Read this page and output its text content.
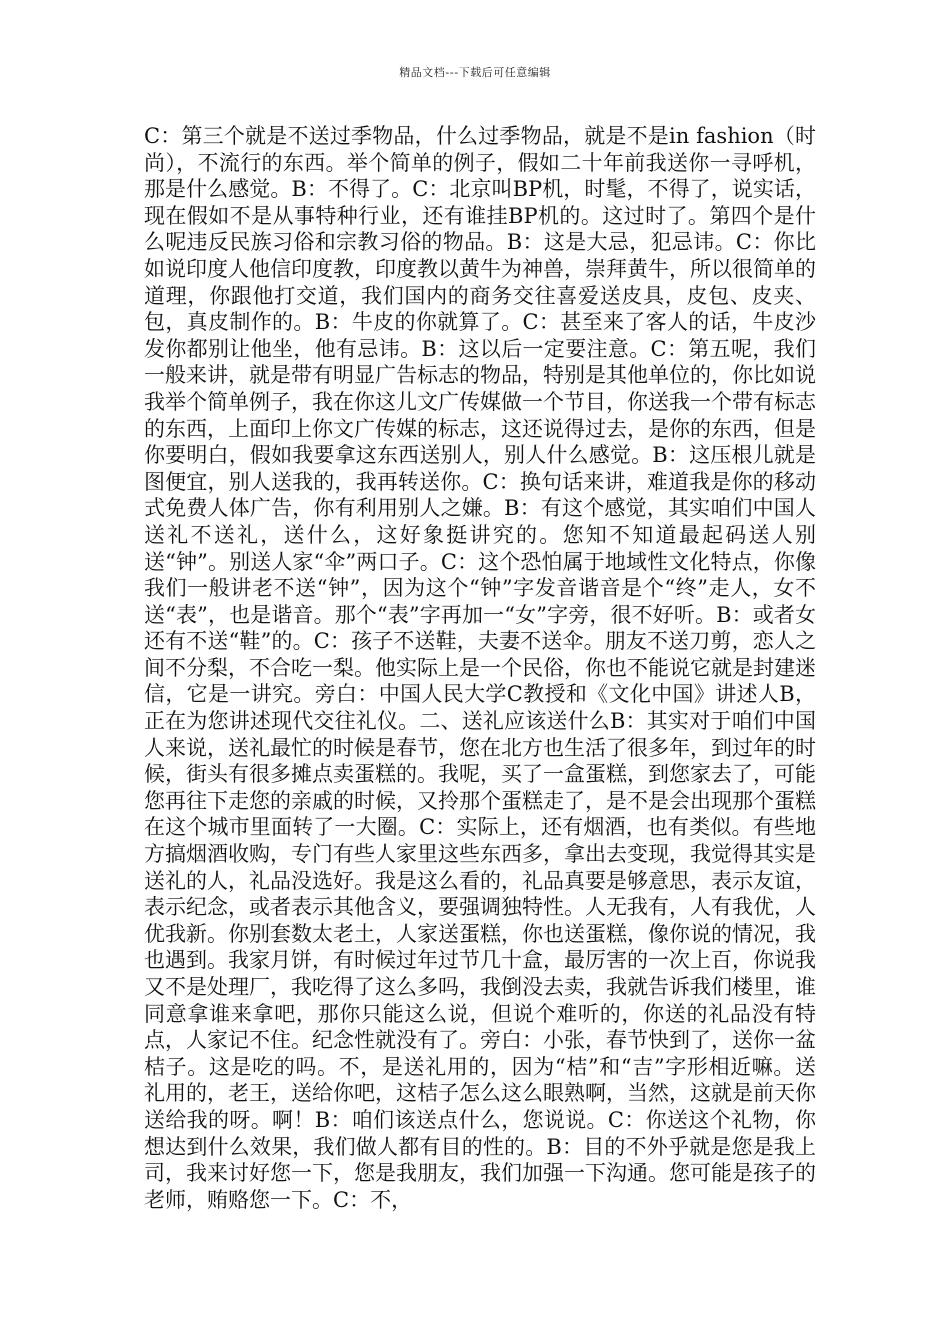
精品文档---下载后可任意编辑

C：第三个就是不送过季物品，什么过季物品，就是不是in fashion（时尚），不流行的东西。举个简单的例子，假如二十年前我送你一寻呼机，那是什么感觉。B：不得了。C：北京叫BP机，时髦，不得了，说实话，现在假如不是从事特种行业，还有谁挂BP机的。这过时了。第四个是什么呢违反民族习俗和宗教习俗的物品。B：这是大忌，犯忌讳。C：你比如说印度人他信印度教，印度教以黄牛为神兽，崇拜黄牛，所以很简单的道理，你跟他打交道，我们国内的商务交往喜爱送皮具，皮包、皮夹、包，真皮制作的。B：牛皮的你就算了。C：甚至来了客人的话，牛皮沙发你都别让他坐，他有忌讳。B：这以后一定要注意。C：第五呢，我们一般来讲，就是带有明显广告标志的物品，特别是其他单位的，你比如说我举个简单例子，我在你这儿文广传媒做一个节目，你送我一个带有标志的东西，上面印上你文广传媒的标志，这还说得过去，是你的东西，但是你要明白，假如我要拿这东西送别人，别人什么感觉。B：这压根儿就是图便宜，别人送我的，我再转送你。C：换句话来讲，难道我是你的移动式免费人体广告，你有利用别人之嫌。B：有这个感觉，其实咱们中国人送礼不送礼，送什么，这好象挺讲究的。您知不知道最起码送人别送“钟”。别送人家“伞”两口子。C：这个恐怕属于地域性文化特点，你像我们一般讲老不送“钟”，因为这个“钟”字发音谐音是个“终”走人，女不送“表”，也是谐音。那个“表”字再加一“女”字旁，很不好听。B：或者女还有不送“鞋”的。C：孩子不送鞋，夫妻不送伞。朋友不送刀剪，恋人之间不分梨，不合吃一梨。他实际上是一个民俗，你也不能说它就是封建迷信，它是一讲究。旁白：中国人民大学C教授和《文化中国》讲述人B，正在为您讲述现代交往礼仪。二、送礼应该送什么B：其实对于咱们中国人来说，送礼最忙的时候是春节，您在北方也生活了很多年，到过年的时候，街头有很多摊点卖蛋糕的。我呢，买了一盒蛋糕，到您家去了，可能您再往下走您的亲戚的时候，又拎那个蛋糕走了，是不是会出现那个蛋糕在这个城市里面转了一大圈。C：实际上，还有烟酒，也有类似。有些地方搞烟酒收购，专门有些人家里这些东西多，拿出去变现，我觉得其实是送礼的人，礼品没选好。我是这么看的，礼品真要是够意思，表示友谊，表示纪念，或者表示其他含义，要强调独特性。人无我有，人有我优，人优我新。你别套数太老土，人家送蛋糕，你也送蛋糕，像你说的情况，我也遇到。我家月饼，有时候过年过节几十盒，最厉害的一次上百，你说我又不是处理厂，我吃得了这么多吗，我倒没去卖，我就告诉我们楼里，谁同意拿谁来拿吧，那你只能这么说，但说个难听的，你送的礼品没有特点，人家记不住。纪念性就没有了。旁白：小张，春节快到了，送你一盆桔子。这是吃的吗。不，是送礼用的，因为“桔”和“吉”字形相近嘛。送礼用的，老王，送给你吧，这桔子怎么这么眼熟啊，当然，这就是前天你送给我的呀。啊！B：咱们该送点什么，您说说。C：你送这个礼物，你想达到什么效果，我们做人都有目的性的。B：目的不外乎就是您是我上司，我来讨好您一下，您是我朋友，我们加强一下沟通。您可能是孩子的老师，贿赂您一下。C：不，
